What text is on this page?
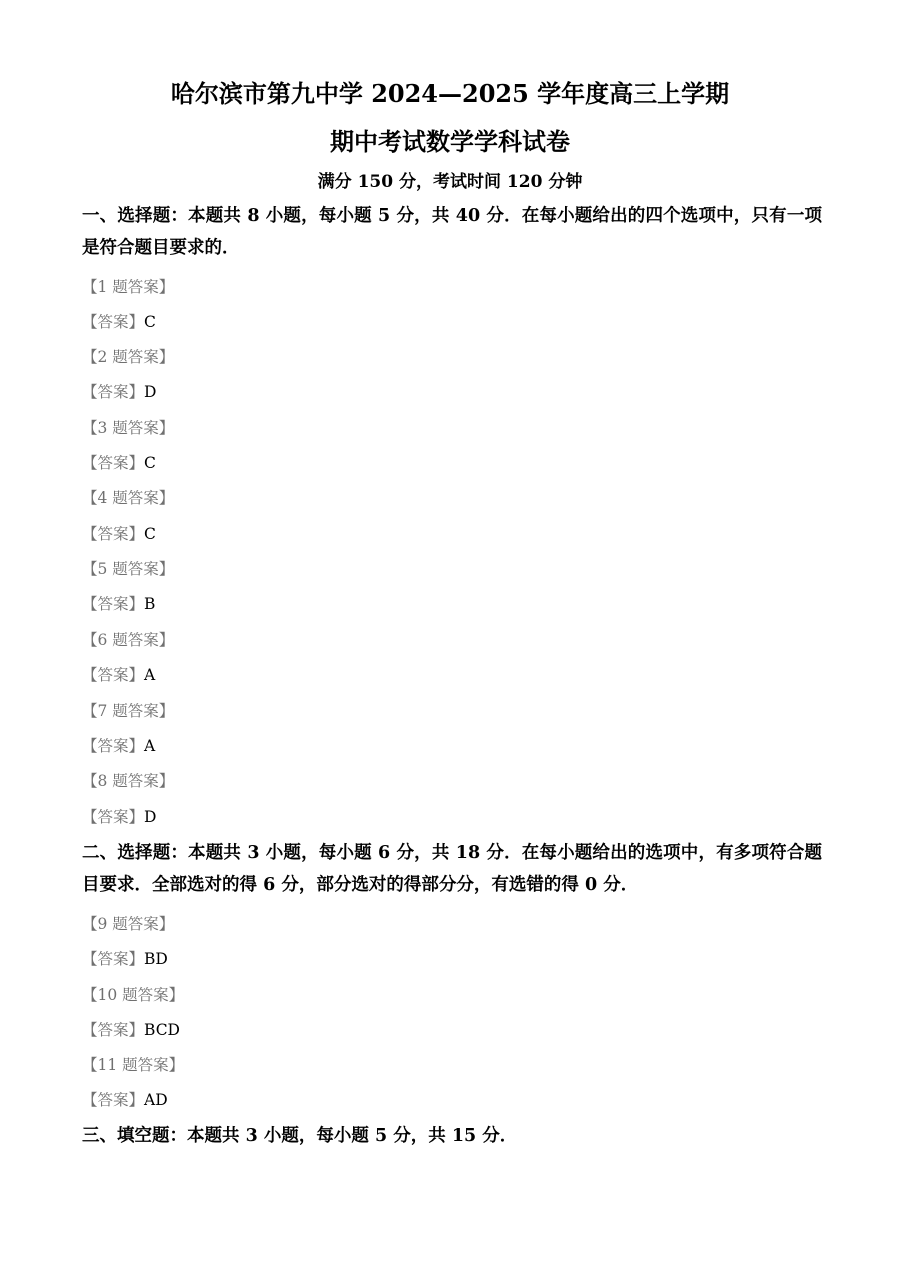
哈尔滨市第九中学 2024—2025 学年度高三上学期
期中考试数学学科试卷
满分 150 分，考试时间 120 分钟
一、选择题：本题共 8 小题，每小题 5 分，共 40 分．在每小题给出的四个选项中，只有一项是符合题目要求的．
【1 题答案】
【答案】C
【2 题答案】
【答案】D
【3 题答案】
【答案】C
【4 题答案】
【答案】C
【5 题答案】
【答案】B
【6 题答案】
【答案】A
【7 题答案】
【答案】A
【8 题答案】
【答案】D
二、选择题：本题共 3 小题，每小题 6 分，共 18 分．在每小题给出的选项中，有多项符合题目要求．全部选对的得 6 分，部分选对的得部分分，有选错的得 0 分．
【9 题答案】
【答案】BD
【10 题答案】
【答案】BCD
【11 题答案】
【答案】AD
三、填空题：本题共 3 小题，每小题 5 分，共 15 分．
